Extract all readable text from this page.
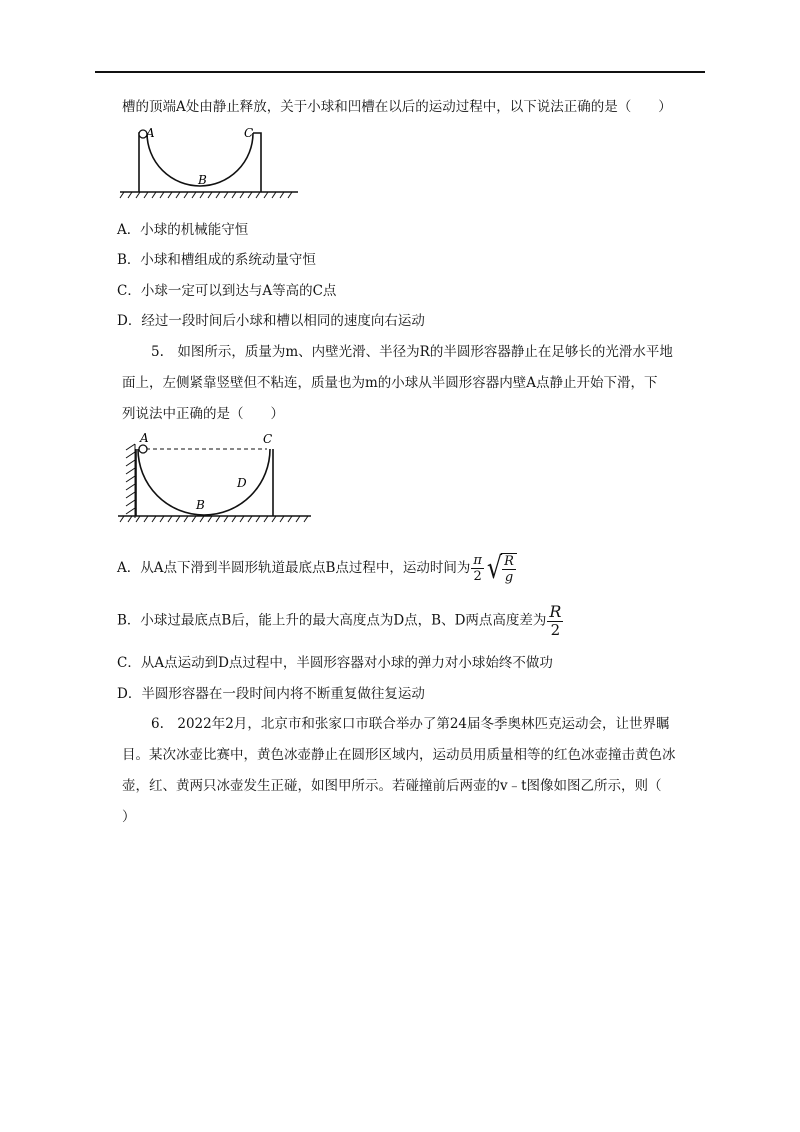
槽的顶端A处由静止释放，关于小球和凹槽在以后的运动过程中，以下说法正确的是（　　）
A	C
B
A．小球的机械能守恒
B．小球和槽组成的系统动量守恒
C．小球一定可以到达与A等高的C点
D．经过一段时间后小球和槽以相同的速度向右运动
5.　如图所示，质量为m、内壁光滑、半径为R的半圆形容器静止在足够长的光滑水平地
面上，左侧紧靠竖壁但不粘连，质量也为m的小球从半圆形容器内壁A点静止开始下滑，下
列说法中正确的是（　　）
A	C
D
B
A．从A点下滑到半圆形轨道最底点B点过程中，运动时间为 $\frac{\pi}{2}$ √ $\frac{R}{g}$
B．小球过最底点B后，能上升的最大高度点为D点，B、D两点高度差为 $\frac{R}{2}$
C．从A点运动到D点过程中，半圆形容器对小球的弹力对小球始终不做功
D．半圆形容器在一段时间内将不断重复做往复运动
6.　2022年2月，北京市和张家口市联合举办了第24届冬季奥林匹克运动会，让世界瞩
目。某次冰壶比赛中，黄色冰壶静止在圆形区域内，运动员用质量相等的红色冰壶撞击黄色冰
壶，红、黄两只冰壶发生正碰，如图甲所示。若碰撞前后两壶的v﹣t图像如图乙所示，则（
）
